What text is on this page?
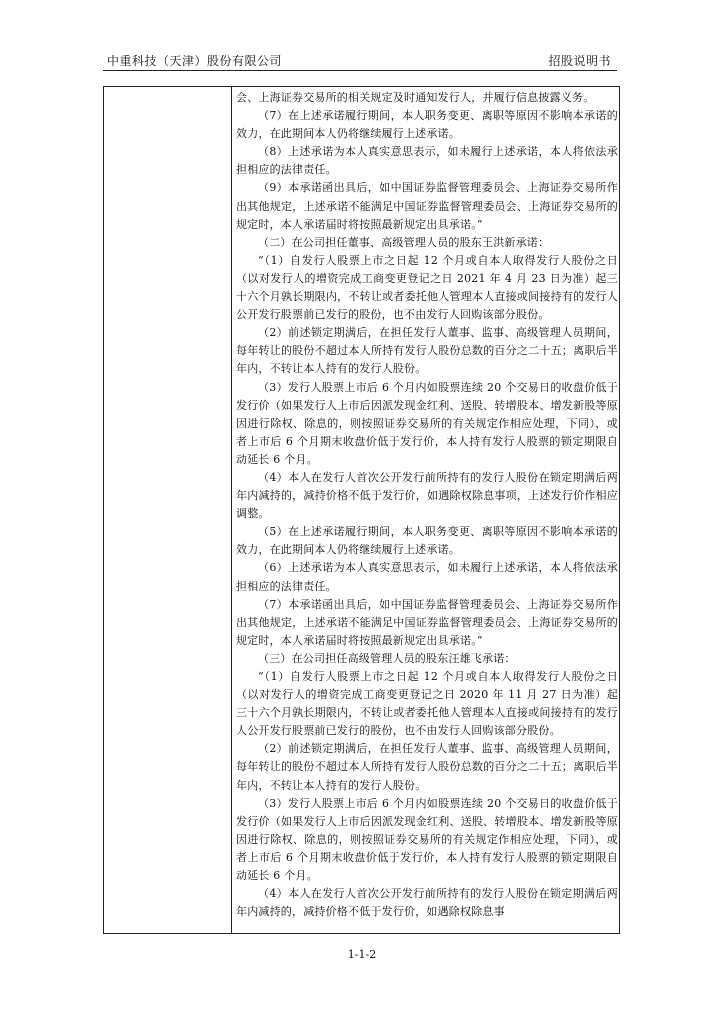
中重科技（天津）股份有限公司	招股说明书

会、上海证券交易所的相关规定及时通知发行人，并履行信息披露义务。

（7）在上述承诺履行期间，本人职务变更、离职等原因不影响本承诺的效力，在此期间本人仍将继续履行上述承诺。

（8）上述承诺为本人真实意思表示，如未履行上述承诺，本人将依法承担相应的法律责任。

（9）本承诺函出具后，如中国证券监督管理委员会、上海证券交易所作出其他规定，上述承诺不能满足中国证券监督管理委员会、上海证券交易所的规定时，本人承诺届时将按照最新规定出具承诺。”

（二）在公司担任董事、高级管理人员的股东王洪新承诺：

“（1）自发行人股票上市之日起 12 个月或自本人取得发行人股份之日（以对发行人的增资完成工商变更登记之日 2021 年 4 月 23 日为准）起三十六个月孰长期限内，不转让或者委托他人管理本人直接或间接持有的发行人公开发行股票前已发行的股份，也不由发行人回购该部分股份。

（2）前述锁定期满后，在担任发行人董事、监事、高级管理人员期间，每年转让的股份不超过本人所持有发行人股份总数的百分之二十五；离职后半年内，不转让本人持有的发行人股份。

（3）发行人股票上市后 6 个月内如股票连续 20 个交易日的收盘价低于发行价（如果发行人上市后因派发现金红利、送股、转增股本、增发新股等原因进行除权、除息的，则按照证券交易所的有关规定作相应处理，下同），或者上市后 6 个月期末收盘价低于发行价，本人持有发行人股票的锁定期限自动延长 6 个月。

（4）本人在发行人首次公开发行前所持有的发行人股份在锁定期满后两年内减持的，减持价格不低于发行价，如遇除权除息事项，上述发行价作相应调整。

（5）在上述承诺履行期间，本人职务变更、离职等原因不影响本承诺的效力，在此期间本人仍将继续履行上述承诺。

（6）上述承诺为本人真实意思表示，如未履行上述承诺，本人将依法承担相应的法律责任。

（7）本承诺函出具后，如中国证券监督管理委员会、上海证券交易所作出其他规定，上述承诺不能满足中国证券监督管理委员会、上海证券交易所的规定时，本人承诺届时将按照最新规定出具承诺。”

（三）在公司担任高级管理人员的股东汪雄飞承诺：

“（1）自发行人股票上市之日起 12 个月或自本人取得发行人股份之日（以对发行人的增资完成工商变更登记之日 2020 年 11 月 27 日为准）起三十六个月孰长期限内，不转让或者委托他人管理本人直接或间接持有的发行人公开发行股票前已发行的股份，也不由发行人回购该部分股份。

（2）前述锁定期满后，在担任发行人董事、监事、高级管理人员期间，每年转让的股份不超过本人所持有发行人股份总数的百分之二十五；离职后半年内，不转让本人持有的发行人股份。

（3）发行人股票上市后 6 个月内如股票连续 20 个交易日的收盘价低于发行价（如果发行人上市后因派发现金红利、送股、转增股本、增发新股等原因进行除权、除息的，则按照证券交易所的有关规定作相应处理，下同），或者上市后 6 个月期末收盘价低于发行价，本人持有发行人股票的锁定期限自动延长 6 个月。

（4）本人在发行人首次公开发行前所持有的发行人股份在锁定期满后两年内减持的，减持价格不低于发行价，如遇除权除息事

1-1-2
